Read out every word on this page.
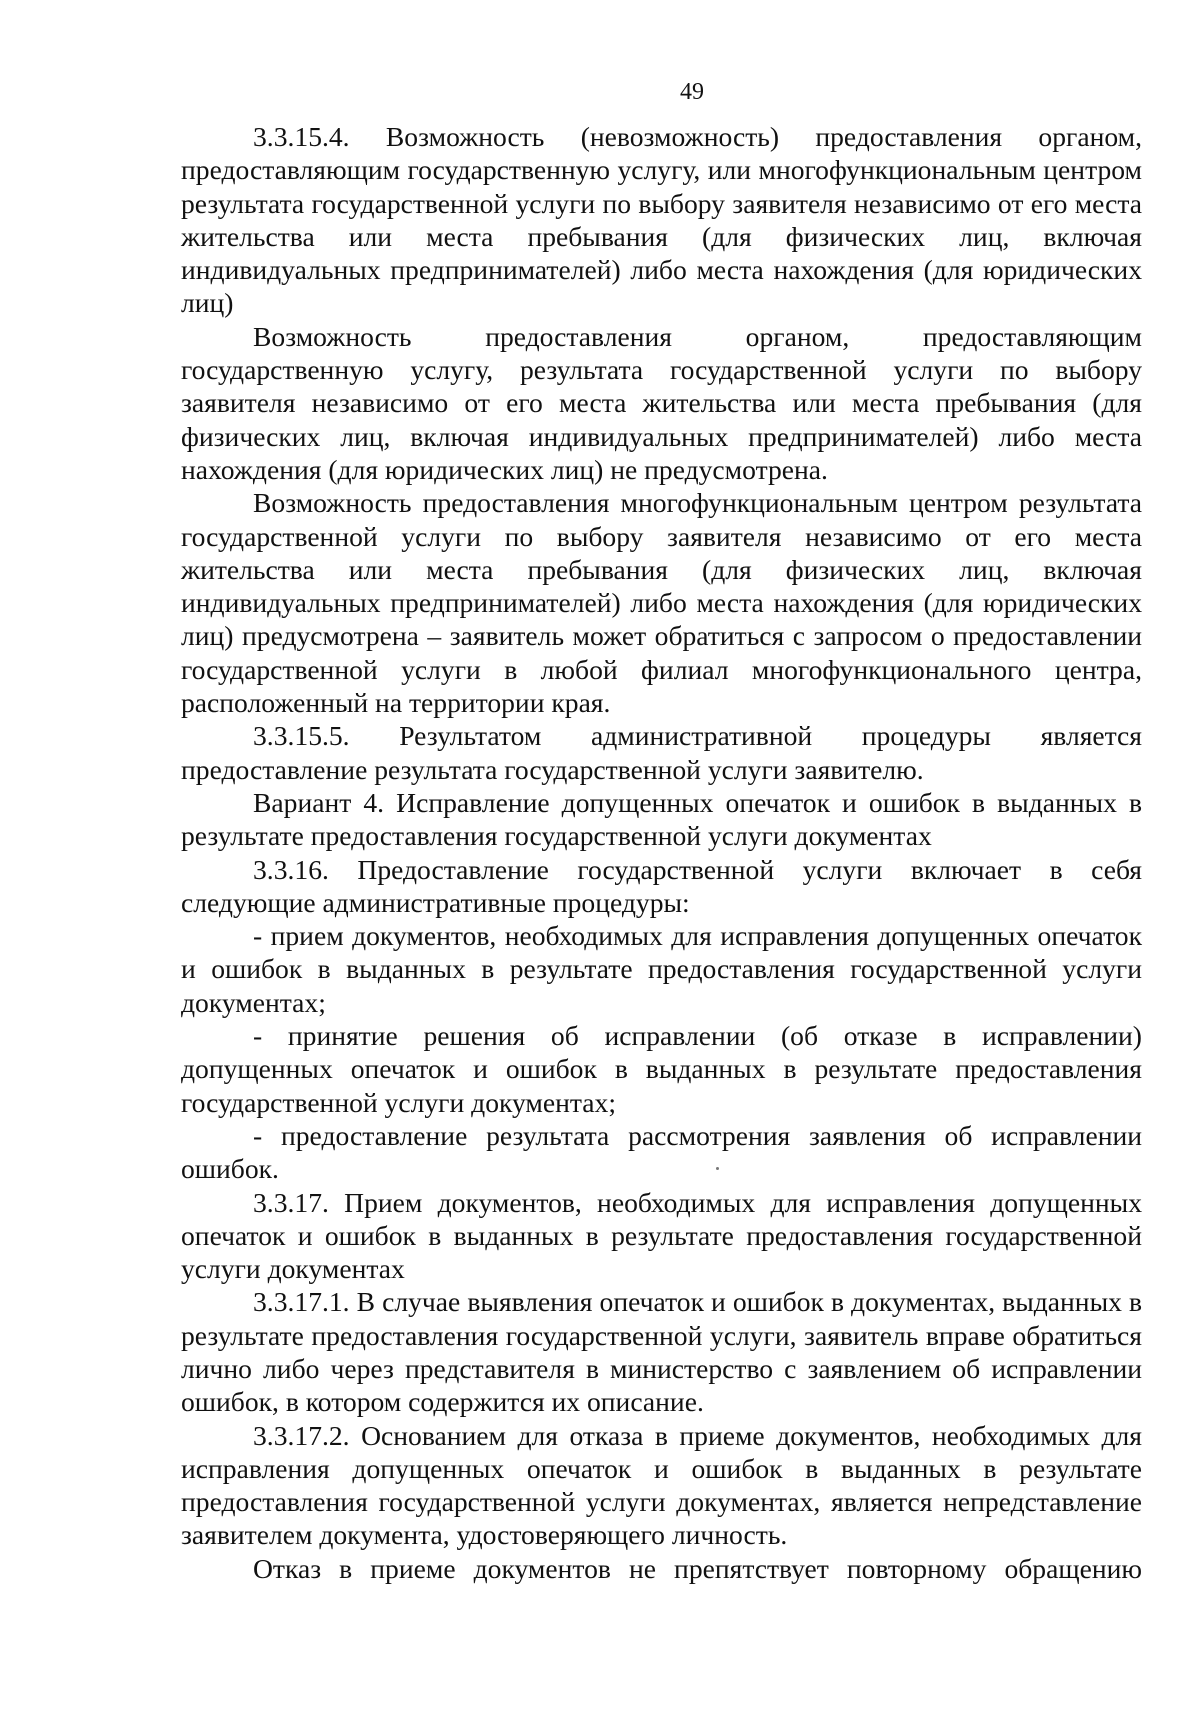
49

3.3.15.4. Возможность (невозможность) предоставления органом, предоставляющим государственную услугу, или многофункциональным центром результата государственной услуги по выбору заявителя независимо от его места жительства или места пребывания (для физических лиц, включая индивидуальных предпринимателей) либо места нахождения (для юридических лиц)

Возможность предоставления органом, предоставляющим государственную услугу, результата государственной услуги по выбору заявителя независимо от его места жительства или места пребывания (для физических лиц, включая индивидуальных предпринимателей) либо места нахождения (для юридических лиц) не предусмотрена.

Возможность предоставления многофункциональным центром результата государственной услуги по выбору заявителя независимо от его места жительства или места пребывания (для физических лиц, включая индивидуальных предпринимателей) либо места нахождения (для юридических лиц) предусмотрена – заявитель может обратиться с запросом о предоставлении государственной услуги в любой филиал многофункционального центра, расположенный на территории края.

3.3.15.5. Результатом административной процедуры является предоставление результата государственной услуги заявителю.

Вариант 4. Исправление допущенных опечаток и ошибок в выданных в результате предоставления государственной услуги документах

3.3.16. Предоставление государственной услуги включает в себя следующие административные процедуры:

- прием документов, необходимых для исправления допущенных опечаток и ошибок в выданных в результате предоставления государственной услуги документах;

- принятие решения об исправлении (об отказе в исправлении) допущенных опечаток и ошибок в выданных в результате предоставления государственной услуги документах;

- предоставление результата рассмотрения заявления об исправлении ошибок.

3.3.17. Прием документов, необходимых для исправления допущенных опечаток и ошибок в выданных в результате предоставления государственной услуги документах

3.3.17.1. В случае выявления опечаток и ошибок в документах, выданных в результате предоставления государственной услуги, заявитель вправе обратиться лично либо через представителя в министерство с заявлением об исправлении ошибок, в котором содержится их описание.

3.3.17.2. Основанием для отказа в приеме документов, необходимых для исправления допущенных опечаток и ошибок в выданных в результате предоставления государственной услуги документах, является непредставление заявителем документа, удостоверяющего личность.

Отказ в приеме документов не препятствует повторному обращению
